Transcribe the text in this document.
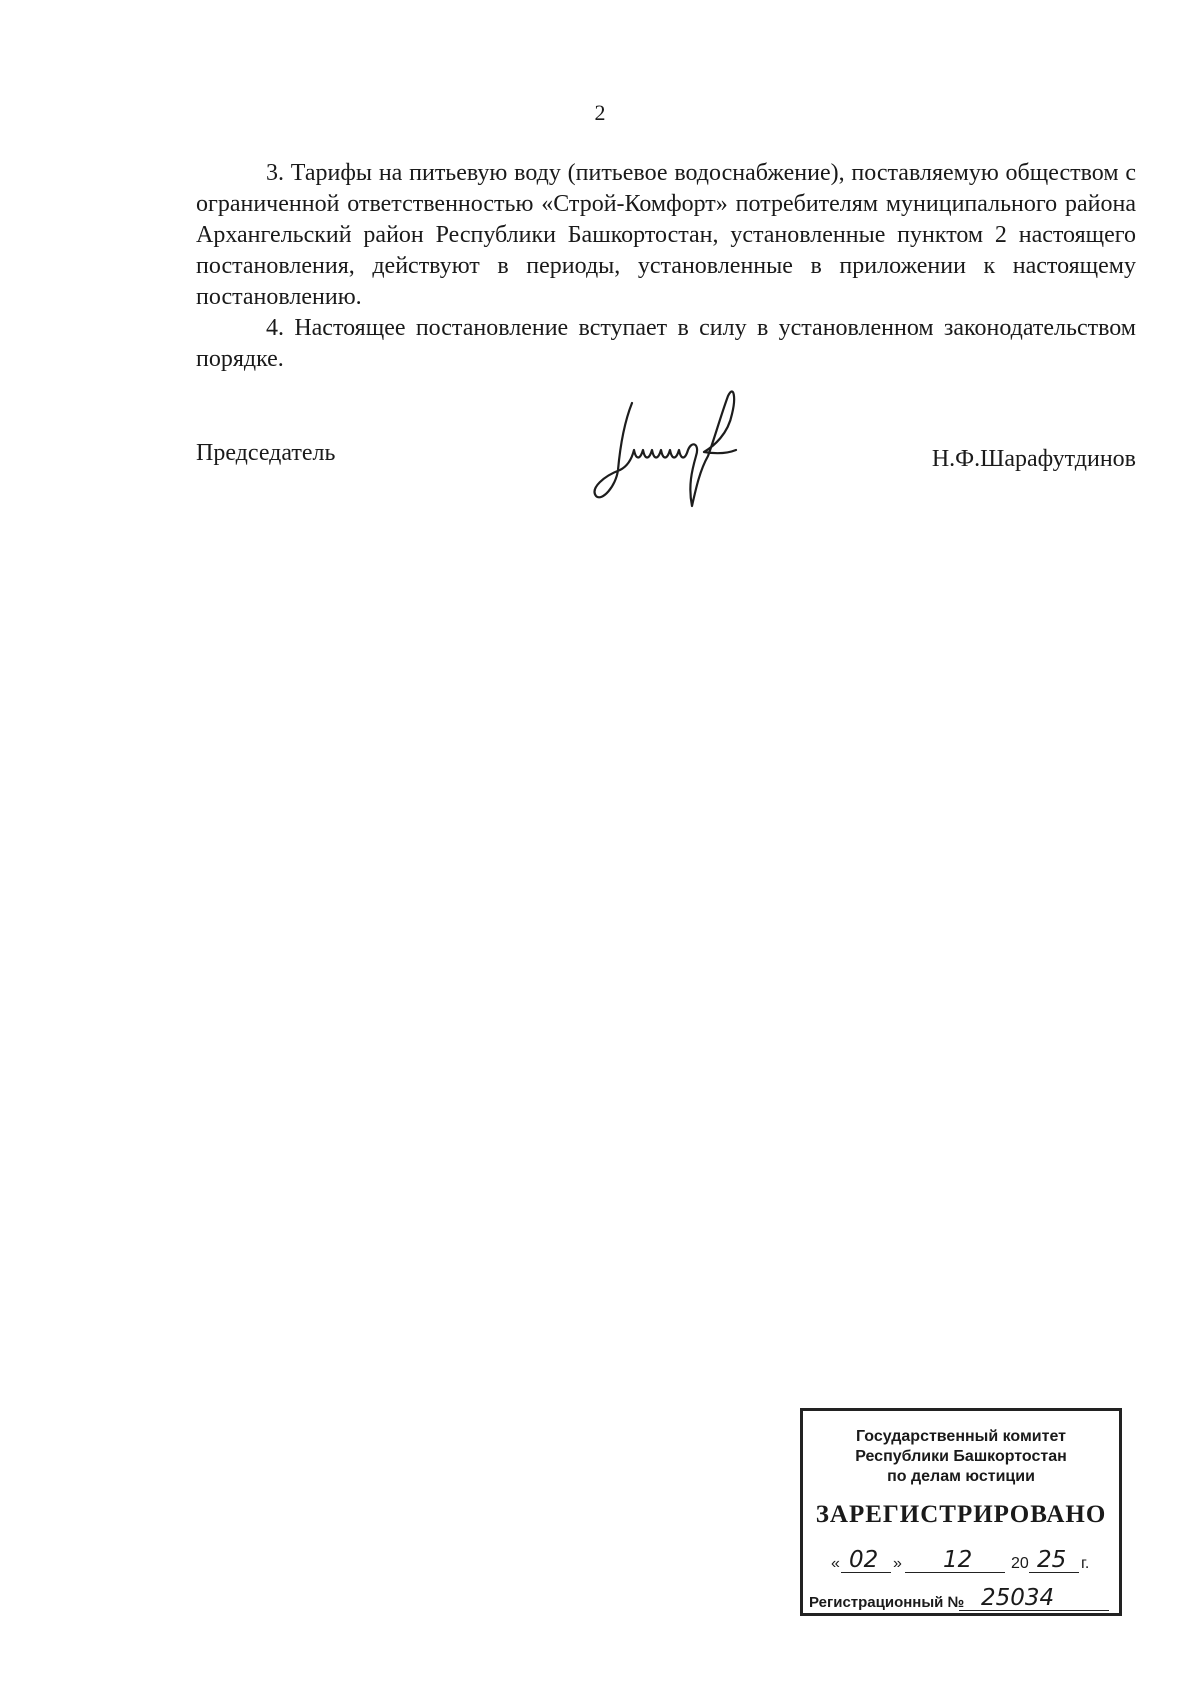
2

3. Тарифы на питьевую воду (питьевое водоснабжение), поставляемую обществом с ограниченной ответственностью «Строй-Комфорт» потребителям муниципального района Архангельский район Республики Башкортостан, установленные пунктом 2 настоящего постановления, действуют в периоды, установленные в приложении к настоящему постановлению.

4. Настоящее постановление вступает в силу в установленном законодательством порядке.

Председатель	Н.Ф.Шарафутдинов
Государственный комитет
Республики Башкортостан
по делам юстиции
ЗАРЕГИСТРИРОВАНО
« 02 » 12 20 25 г.
Регистрационный № 25034
